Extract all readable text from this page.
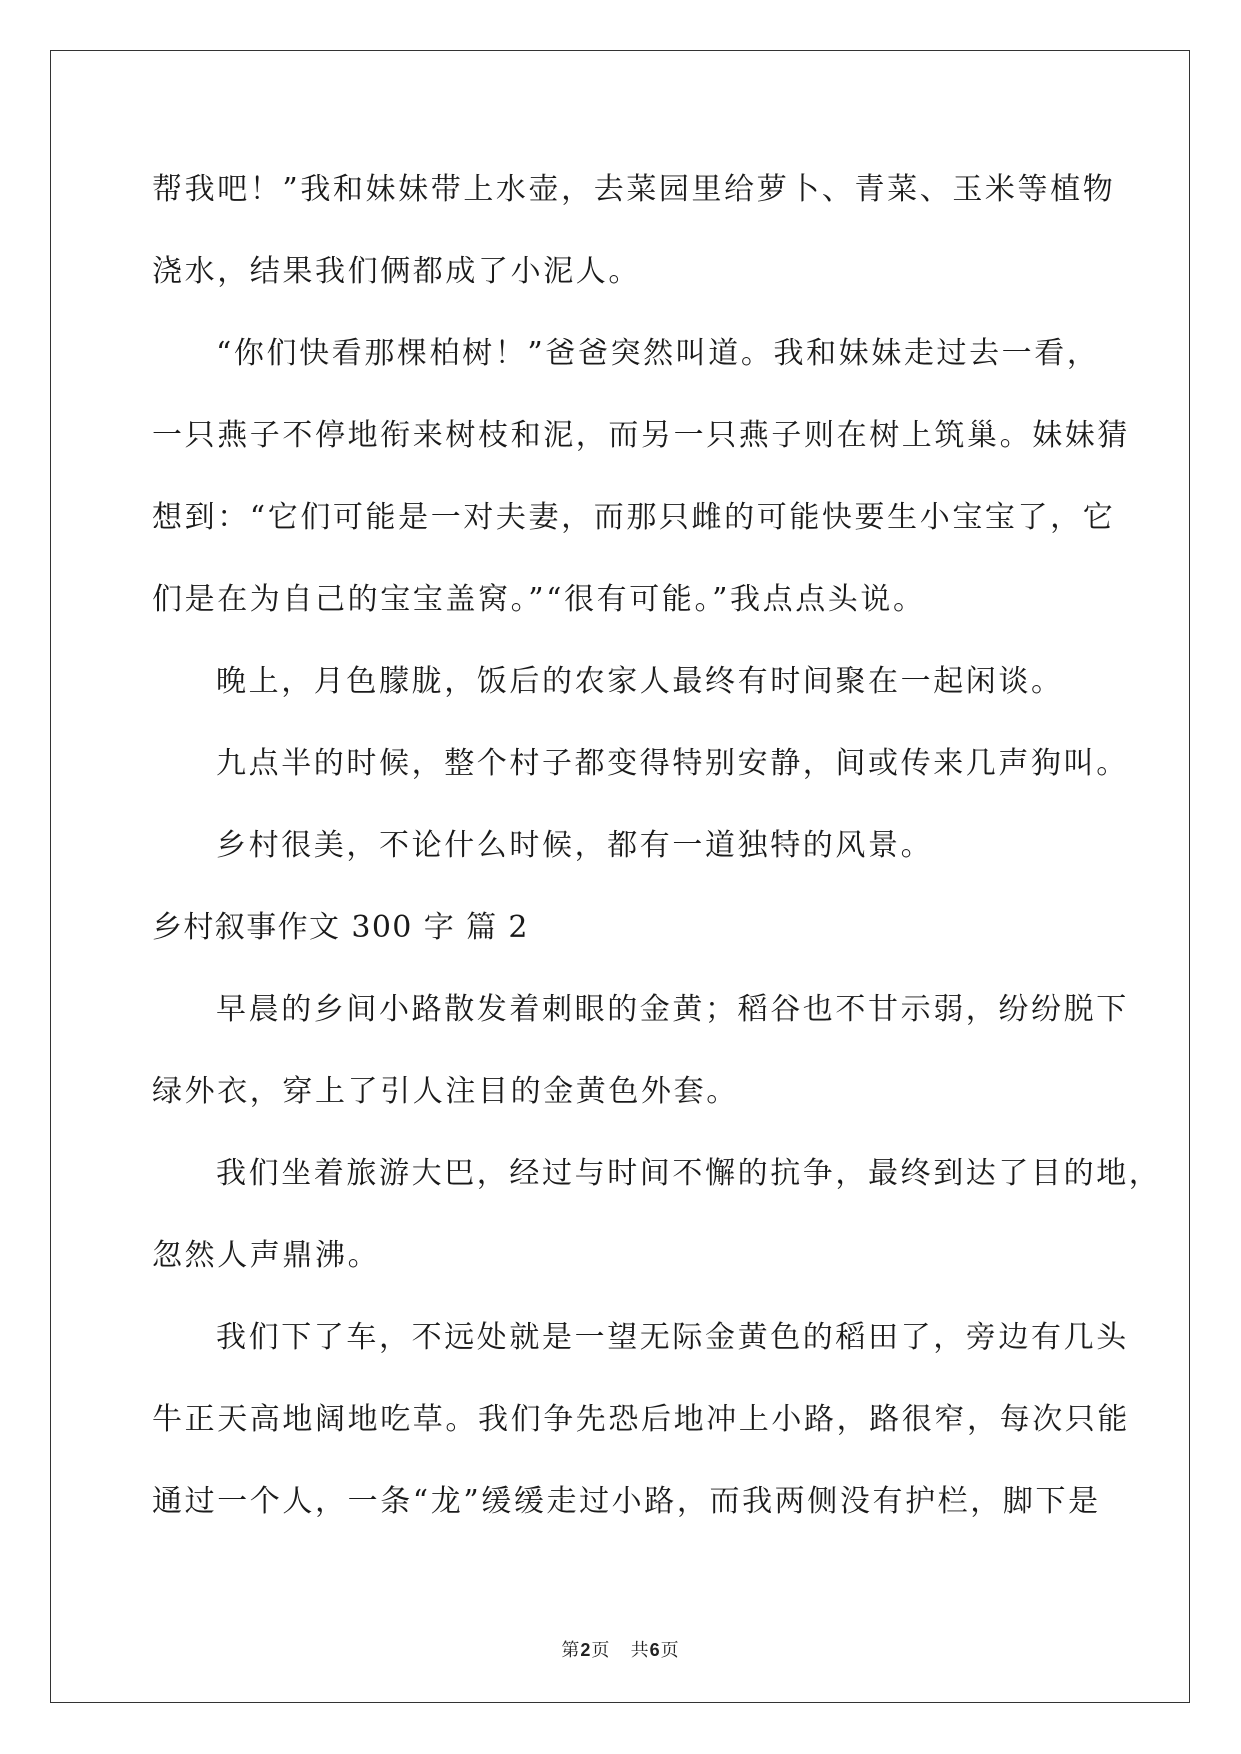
帮我吧！”我和妹妹带上水壶，去菜园里给萝卜、青菜、玉米等植物
浇水，结果我们俩都成了小泥人。
“你们快看那棵柏树！”爸爸突然叫道。我和妹妹走过去一看，
一只燕子不停地衔来树枝和泥，而另一只燕子则在树上筑巢。妹妹猜
想到：“它们可能是一对夫妻，而那只雌的可能快要生小宝宝了，它
们是在为自己的宝宝盖窝。”“很有可能。”我点点头说。
晚上，月色朦胧，饭后的农家人最终有时间聚在一起闲谈。
九点半的时候，整个村子都变得特别安静，间或传来几声狗叫。
乡村很美，不论什么时候，都有一道独特的风景。
乡村叙事作文 300 字 篇 2
早晨的乡间小路散发着刺眼的金黄；稻谷也不甘示弱，纷纷脱下
绿外衣，穿上了引人注目的金黄色外套。
我们坐着旅游大巴，经过与时间不懈的抗争，最终到达了目的地，
忽然人声鼎沸。
我们下了车，不远处就是一望无际金黄色的稻田了，旁边有几头
牛正天高地阔地吃草。我们争先恐后地冲上小路，路很窄，每次只能
通过一个人，一条“龙”缓缓走过小路，而我两侧没有护栏，脚下是
第2页   共6页
